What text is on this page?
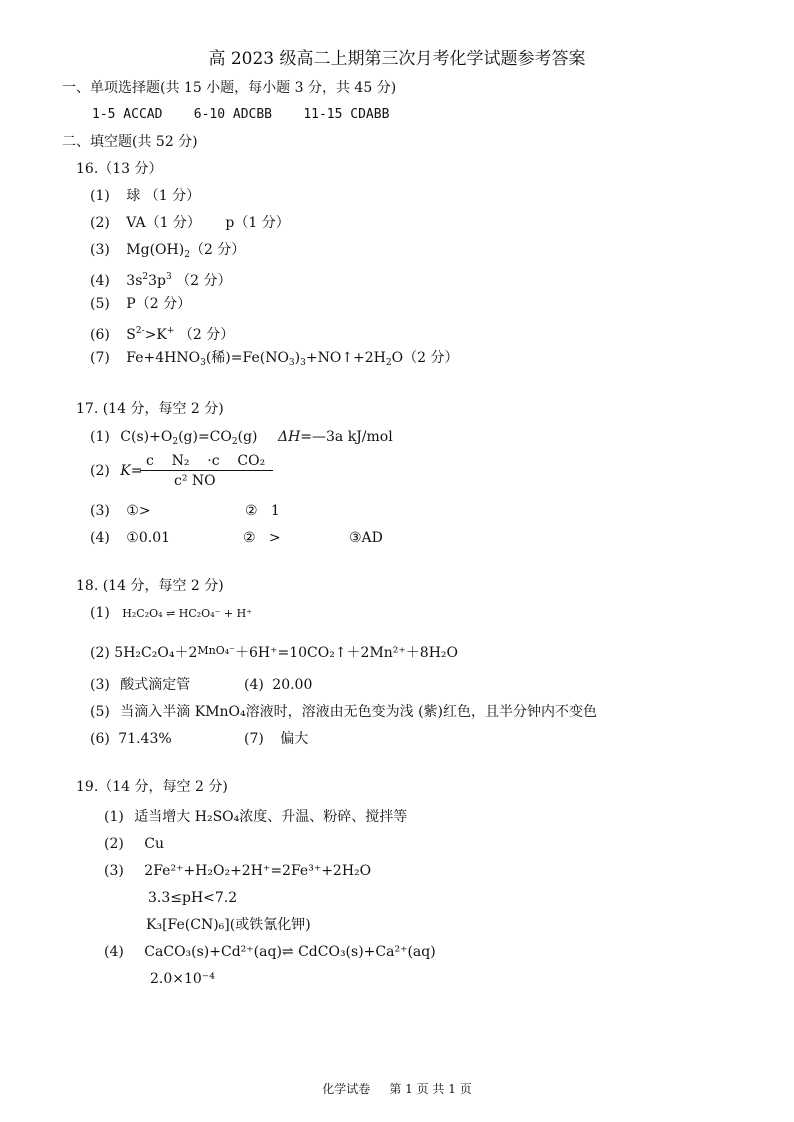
高 2023 级高二上期第三次月考化学试题参考答案
一、单项选择题(共 15 小题，每小题 3 分，共 45 分)
1-5 ACCAD    6-10 ADCBB    11-15 CDABB
二、填空题(共 52 分)
16.（13 分）
(1) 球 （1 分）
(2) VA（1 分） p（1 分）
(3) $Mg(OH)_2(2$ 分）
(4) $3s^23p^3$ （2 分）
(5) P（2 分）
(6) $S^{2-}>K^+$ （2 分）
(7) $Fe+4HNO_3$(稀)$=Fe(NO_3)_3+NO↑+2H_2O(2$ 分）
17. (14 分，每空 2 分)
(1) $C(s)+O_2(g)=CO_2(g)$ ΔH=—3a kJ/mol
(2) K=
c    N₂    ·c    CO₂
c² NO
(3) ①>	②   1
(4) ①0.01	②   >	③AD
18. (14 分，每空 2 分)
(1) H₂C₂O₄ ⇌ HC₂O₄⁻ + H⁺
(2) $5H_2C_2O_4+2^{MnO_4^-}+6H^+=10CO_2↑+2Mn^{2+}+8H_2O$
(3) 酸式滴定管	(4) 20.00
(5) 当滴入半滴 KMnO₄溶液时，溶液由无色变为浅 (紫)红色，且半分钟内不变色
(6) 71.43%	(7) 偏大
19.（14 分，每空 2 分)
(1) 适当增大 H₂SO₄浓度、升温、粉碎、搅拌等
(2) Cu
(3) 2Fe²⁺+H₂O₂+2H⁺=2Fe³⁺+2H₂O
3.3≤pH<7.2
K₃[Fe(CN)₆](或铁氰化钾)
(4) CaCO₃(s)+Cd²⁺(aq)⇌ CdCO₃(s)+Ca²⁺(aq)
2.0×10⁻⁴
化学试卷     第 1 页 共 1 页
